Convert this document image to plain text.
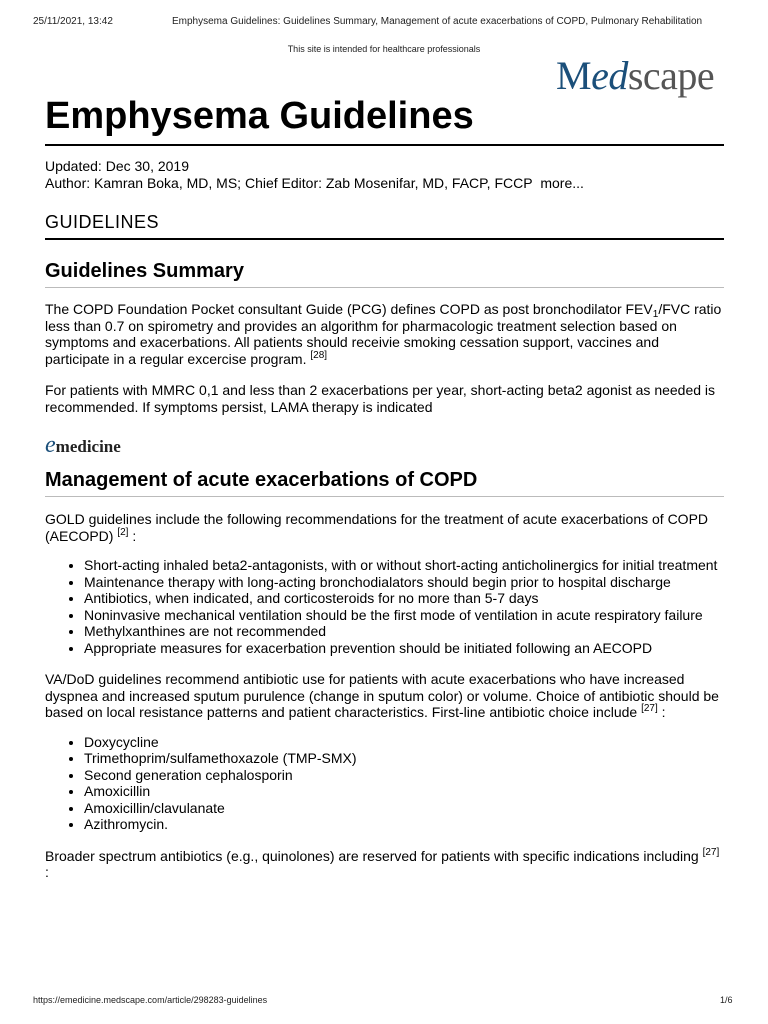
25/11/2021, 13:42	Emphysema Guidelines: Guidelines Summary, Management of acute exacerbations of COPD, Pulmonary Rehabilitation
This site is intended for healthcare professionals
Medscape
Emphysema Guidelines
Updated: Dec 30, 2019
Author: Kamran Boka, MD, MS; Chief Editor: Zab Mosenifar, MD, FACP, FCCP more...
GUIDELINES
Guidelines Summary

The COPD Foundation Pocket consultant Guide (PCG) defines COPD as post bronchodilator $FEV_1$/FVC ratio less than 0.7 on spirometry and provides an algorithm for pharmacologic treatment selection based on symptoms and exacerbations. All patients should receivie smoking cessation support, vaccines and participate in a regular excercise program. [28]

For patients with MMRC 0,1 and less than 2 exacerbations per year, short-acting beta2 agonist as needed is recommended. If symptoms persist, LAMA therapy is indicated

emedicine
Management of acute exacerbations of COPD

GOLD guidelines include the following recommendations for the treatment of acute exacerbations of COPD (AECOPD) [2] :

• Short-acting inhaled beta2-antagonists, with or without short-acting anticholinergics for initial treatment
• Maintenance therapy with long-acting bronchodialators should begin prior to hospital discharge
• Antibiotics, when indicated, and corticosteroids for no more than 5-7 days
• Noninvasive mechanical ventilation should be the first mode of ventilation in acute respiratory failure
• Methylxanthines are not recommended
• Appropriate measures for exacerbation prevention should be initiated following an AECOPD

VA/DoD guidelines recommend antibiotic use for patients with acute exacerbations who have increased dyspnea and increased sputum purulence (change in sputum color) or volume. Choice of antibiotic should be based on local resistance patterns and patient characteristics. First-line antibiotic choice include [27] :

• Doxycycline
• Trimethoprim/sulfamethoxazole (TMP-SMX)
• Second generation cephalosporin
• Amoxicillin
• Amoxicillin/clavulanate
• Azithromycin.

Broader spectrum antibiotics (e.g., quinolones) are reserved for patients with specific indications including [27] :

https://emedicine.medscape.com/article/298283-guidelines	1/6
